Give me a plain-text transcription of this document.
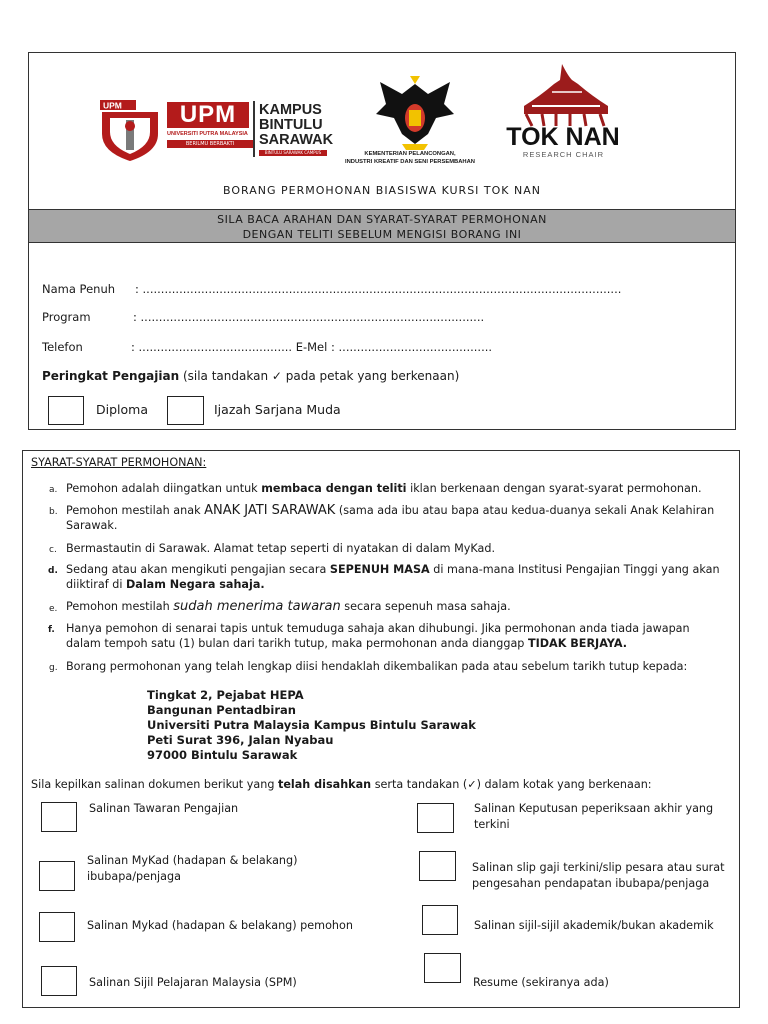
UPM	UPM
UNIVERSITI PUTRA MALAYSIA
BERILMU BERBAKTI
KAMPUS
BINTULU
SARAWAK
BINTULU SARAWAK CAMPUS	KEMENTERIAN PELANCONGAN,
INDUSTRI KREATIF DAN SENI PERSEMBAHAN
TOK NAN
RESEARCH CHAIR
BORANG PERMOHONAN BIASISWA KURSI TOK NAN
SILA BACA ARAHAN DAN SYARAT-SYARAT PERMOHONAN
DENGAN TELITI SEBELUM MENGISI BORANG INI
Nama Penuh : ...................................................................................................................................
Program	: ..............................................................................................
Telefon	: .......................................... E-Mel : ..........................................
Peringkat Pengajian (sila tandakan ✓ pada petak yang berkenaan)
Diploma	Ijazah Sarjana Muda
SYARAT-SYARAT PERMOHONAN:
a. Pemohon adalah diingatkan untuk membaca dengan teliti iklan berkenaan dengan syarat-syarat permohonan.
b. Pemohon mestilah anak ANAK JATI SARAWAK (sama ada ibu atau bapa atau kedua-duanya sekali Anak Kelahiran Sarawak.
c. Bermastautin di Sarawak. Alamat tetap seperti di nyatakan di dalam MyKad.
d. Sedang atau akan mengikuti pengajian secara SEPENUH MASA di mana-mana Institusi Pengajian Tinggi yang akan diiktiraf di Dalam Negara sahaja.
e. Pemohon mestilah sudah menerima tawaran secara sepenuh masa sahaja.
f. Hanya pemohon di senarai tapis untuk temuduga sahaja akan dihubungi. Jika permohonan anda tiada jawapan dalam tempoh satu (1) bulan dari tarikh tutup, maka permohonan anda dianggap TIDAK BERJAYA.
g. Borang permohonan yang telah lengkap diisi hendaklah dikembalikan pada atau sebelum tarikh tutup kepada:
Tingkat 2, Pejabat HEPA
Bangunan Pentadbiran
Universiti Putra Malaysia Kampus Bintulu Sarawak
Peti Surat 396, Jalan Nyabau
97000 Bintulu Sarawak
Sila kepilkan salinan dokumen berikut yang telah disahkan serta tandakan (✓) dalam kotak yang berkenaan:
Salinan Tawaran Pengajian
Salinan MyKad (hadapan & belakang) ibubapa/penjaga
Salinan Mykad (hadapan & belakang) pemohon
Salinan Sijil Pelajaran Malaysia (SPM)
Salinan Keputusan peperiksaan akhir yang terkini
Salinan slip gaji terkini/slip pesara atau surat pengesahan pendapatan ibubapa/penjaga
Salinan sijil-sijil akademik/bukan akademik
Resume (sekiranya ada)
